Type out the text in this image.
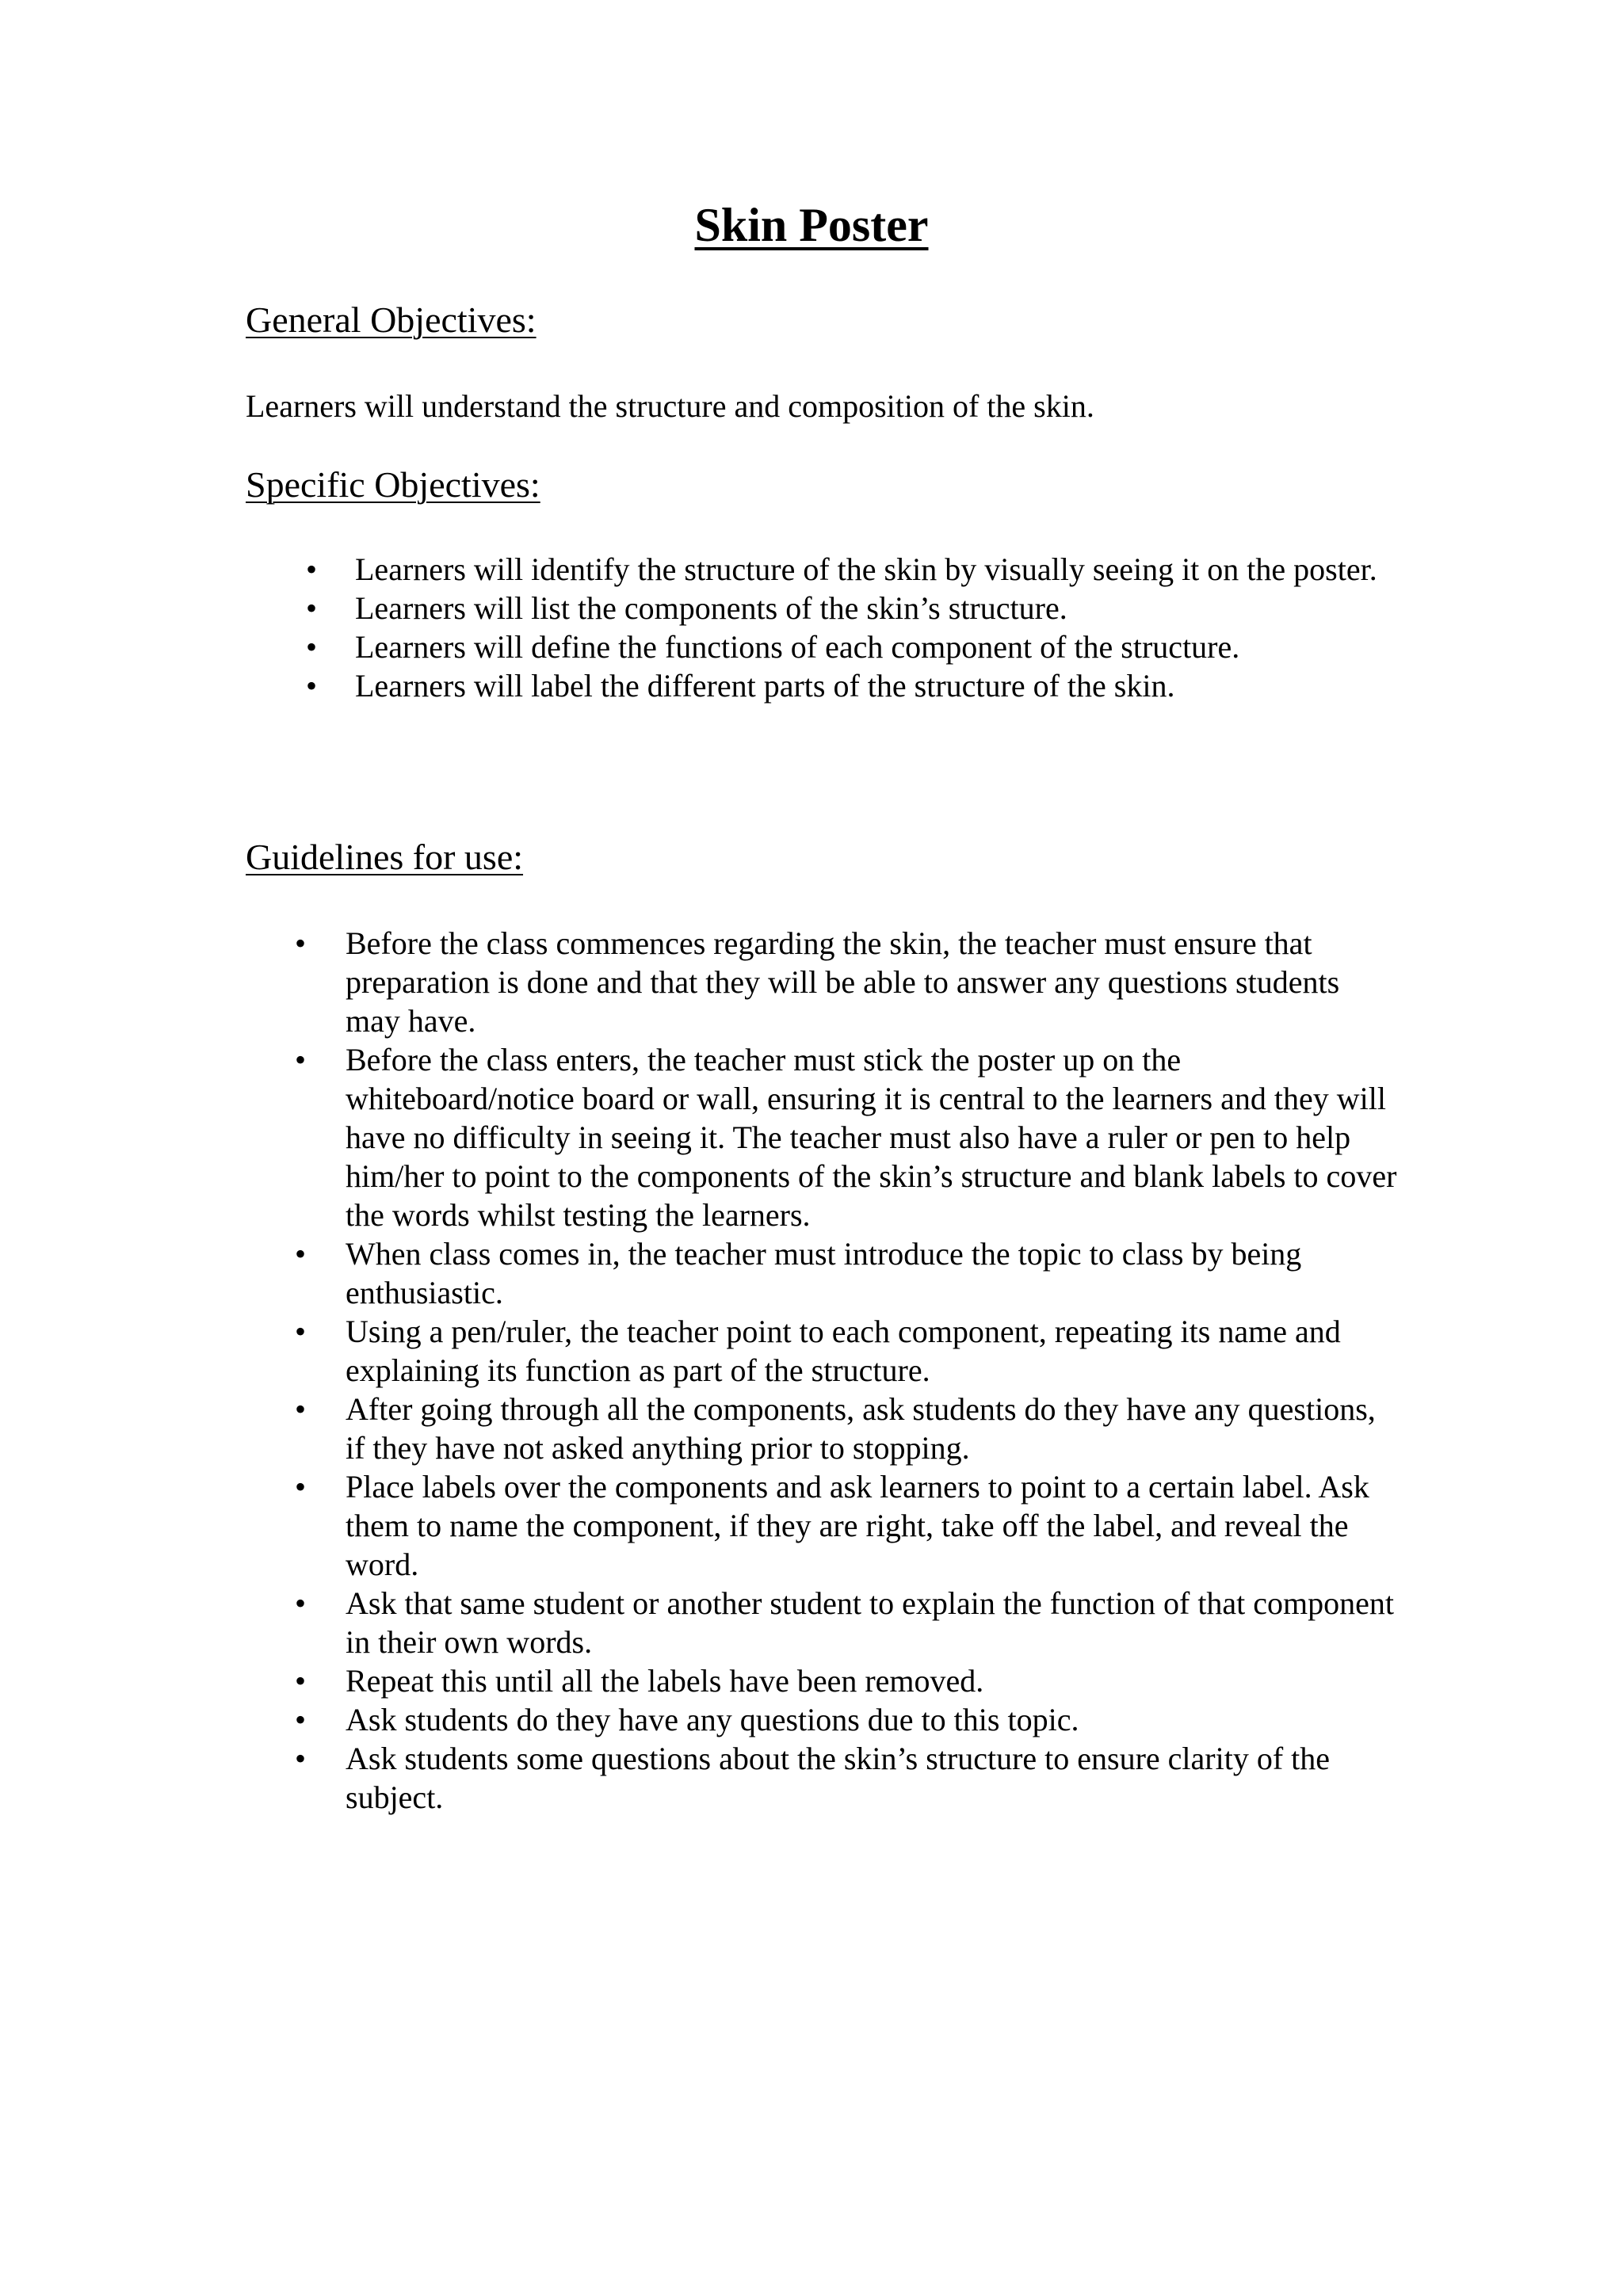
Skin Poster
General Objectives:

Learners will understand the structure and composition of the skin.

Specific Objectives:
• Learners will identify the structure of the skin by visually seeing it on the poster.
• Learners will list the components of the skin’s structure.
• Learners will define the functions of each component of the structure.
• Learners will label the different parts of the structure of the skin.
Guidelines for use:
• Before the class commences regarding the skin, the teacher must ensure that preparation is done and that they will be able to answer any questions students may have.
• Before the class enters, the teacher must stick the poster up on the whiteboard/notice board or wall, ensuring it is central to the learners and they will have no difficulty in seeing it. The teacher must also have a ruler or pen to help him/her to point to the components of the skin’s structure and blank labels to cover the words whilst testing the learners.
• When class comes in, the teacher must introduce the topic to class by being enthusiastic.
• Using a pen/ruler, the teacher point to each component, repeating its name and explaining its function as part of the structure.
• After going through all the components, ask students do they have any questions, if they have not asked anything prior to stopping.
• Place labels over the components and ask learners to point to a certain label. Ask them to name the component, if they are right, take off the label, and reveal the word.
• Ask that same student or another student to explain the function of that component in their own words.
• Repeat this until all the labels have been removed.
• Ask students do they have any questions due to this topic.
• Ask students some questions about the skin’s structure to ensure clarity of the subject.
